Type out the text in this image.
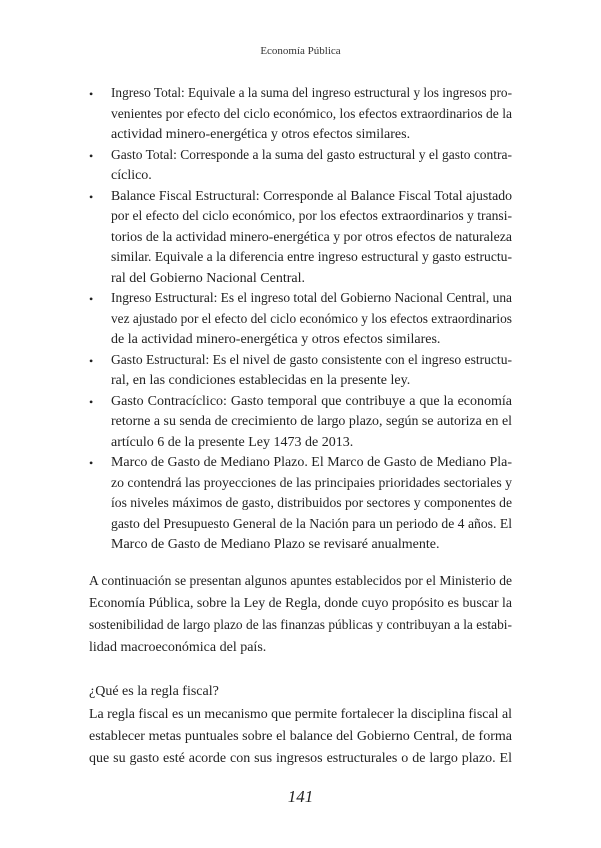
Economía Pública
• Ingreso Total: Equivale a la suma del ingreso estructural y los ingresos pro-
venientes por efecto del ciclo económico, los efectos extraordinarios de la
actividad minero-energética y otros efectos similares.
• Gasto Total: Corresponde a la suma del gasto estructural y el gasto contra-
cíclico.
• Balance Fiscal Estructural: Corresponde al Balance Fiscal Total ajustado
por el efecto del ciclo económico, por los efectos extraordinarios y transi-
torios de la actividad minero-energética y por otros efectos de naturaleza
similar. Equivale a la diferencia entre ingreso estructural y gasto estructu-
ral del Gobierno Nacional Central.
• Ingreso Estructural: Es el ingreso total del Gobierno Nacional Central, una
vez ajustado por el efecto del ciclo económico y los efectos extraordinarios
de la actividad minero-energética y otros efectos similares.
• Gasto Estructural: Es el nivel de gasto consistente con el ingreso estructu-
ral, en las condiciones establecidas en la presente ley.
• Gasto Contracíclico: Gasto temporal que contribuye a que la economía
retorne a su senda de crecimiento de largo plazo, según se autoriza en el
artículo 6 de la presente Ley 1473 de 2013.
• Marco de Gasto de Mediano Plazo. El Marco de Gasto de Mediano Pla-
zo contendrá las proyecciones de las principaies prioridades sectoriales y
íos niveles máximos de gasto, distribuidos por sectores y componentes de
gasto del Presupuesto General de la Nación para un periodo de 4 años. El
Marco de Gasto de Mediano Plazo se revisaré anualmente.
A continuación se presentan algunos apuntes establecidos por el Ministerio de
Economía Pública, sobre la Ley de Regla, donde cuyo propósito es buscar la
sostenibilidad de largo plazo de las finanzas públicas y contribuyan a la estabi-
lidad macroeconómica del país.
¿Qué es la regla fiscal?
La regla fiscal es un mecanismo que permite fortalecer la disciplina fiscal al
establecer metas puntuales sobre el balance del Gobierno Central, de forma
que su gasto esté acorde con sus ingresos estructurales o de largo plazo. El
141
